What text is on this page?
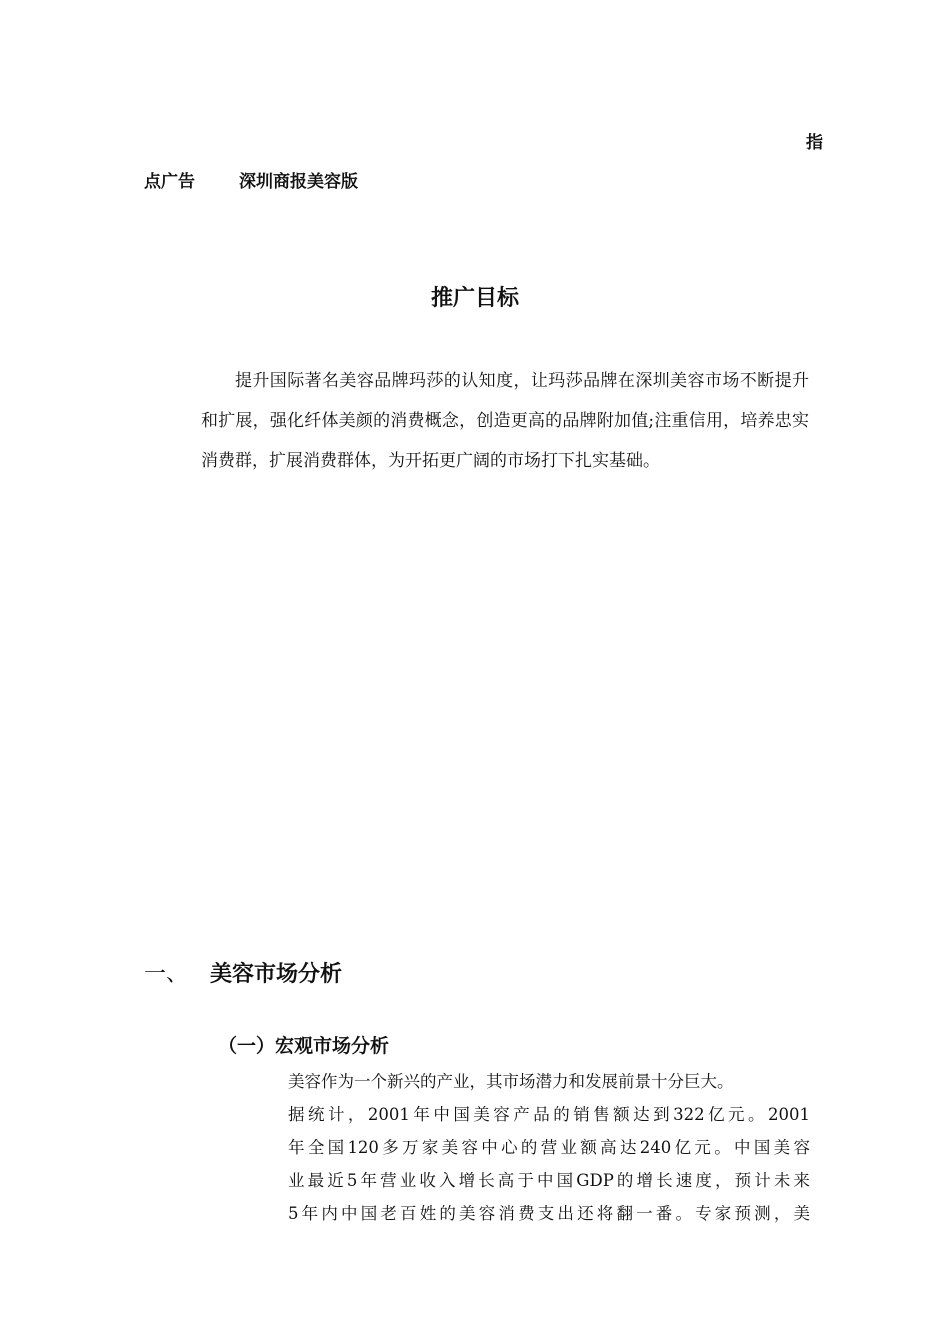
指
点广告	深圳商报美容版
推广目标

提升国际著名美容品牌玛莎的认知度，让玛莎品牌在深圳美容市场不断提升和扩展，强化纤体美颜的消费概念，创造更高的品牌附加值;注重信用，培养忠实消费群，扩展消费群体，为开拓更广阔的市场打下扎实基础。

一、 美容市场分析
（一）宏观市场分析
美容作为一个新兴的产业，其市场潜力和发展前景十分巨大。
据统计，2001年中国美容产品的销售额达到322亿元。2001
年全国120多万家美容中心的营业额高达240亿元。中国美容
业最近5年营业收入增长高于中国GDP的增长速度，预计未来
5年内中国老百姓的美容消费支出还将翻一番。专家预测，美
